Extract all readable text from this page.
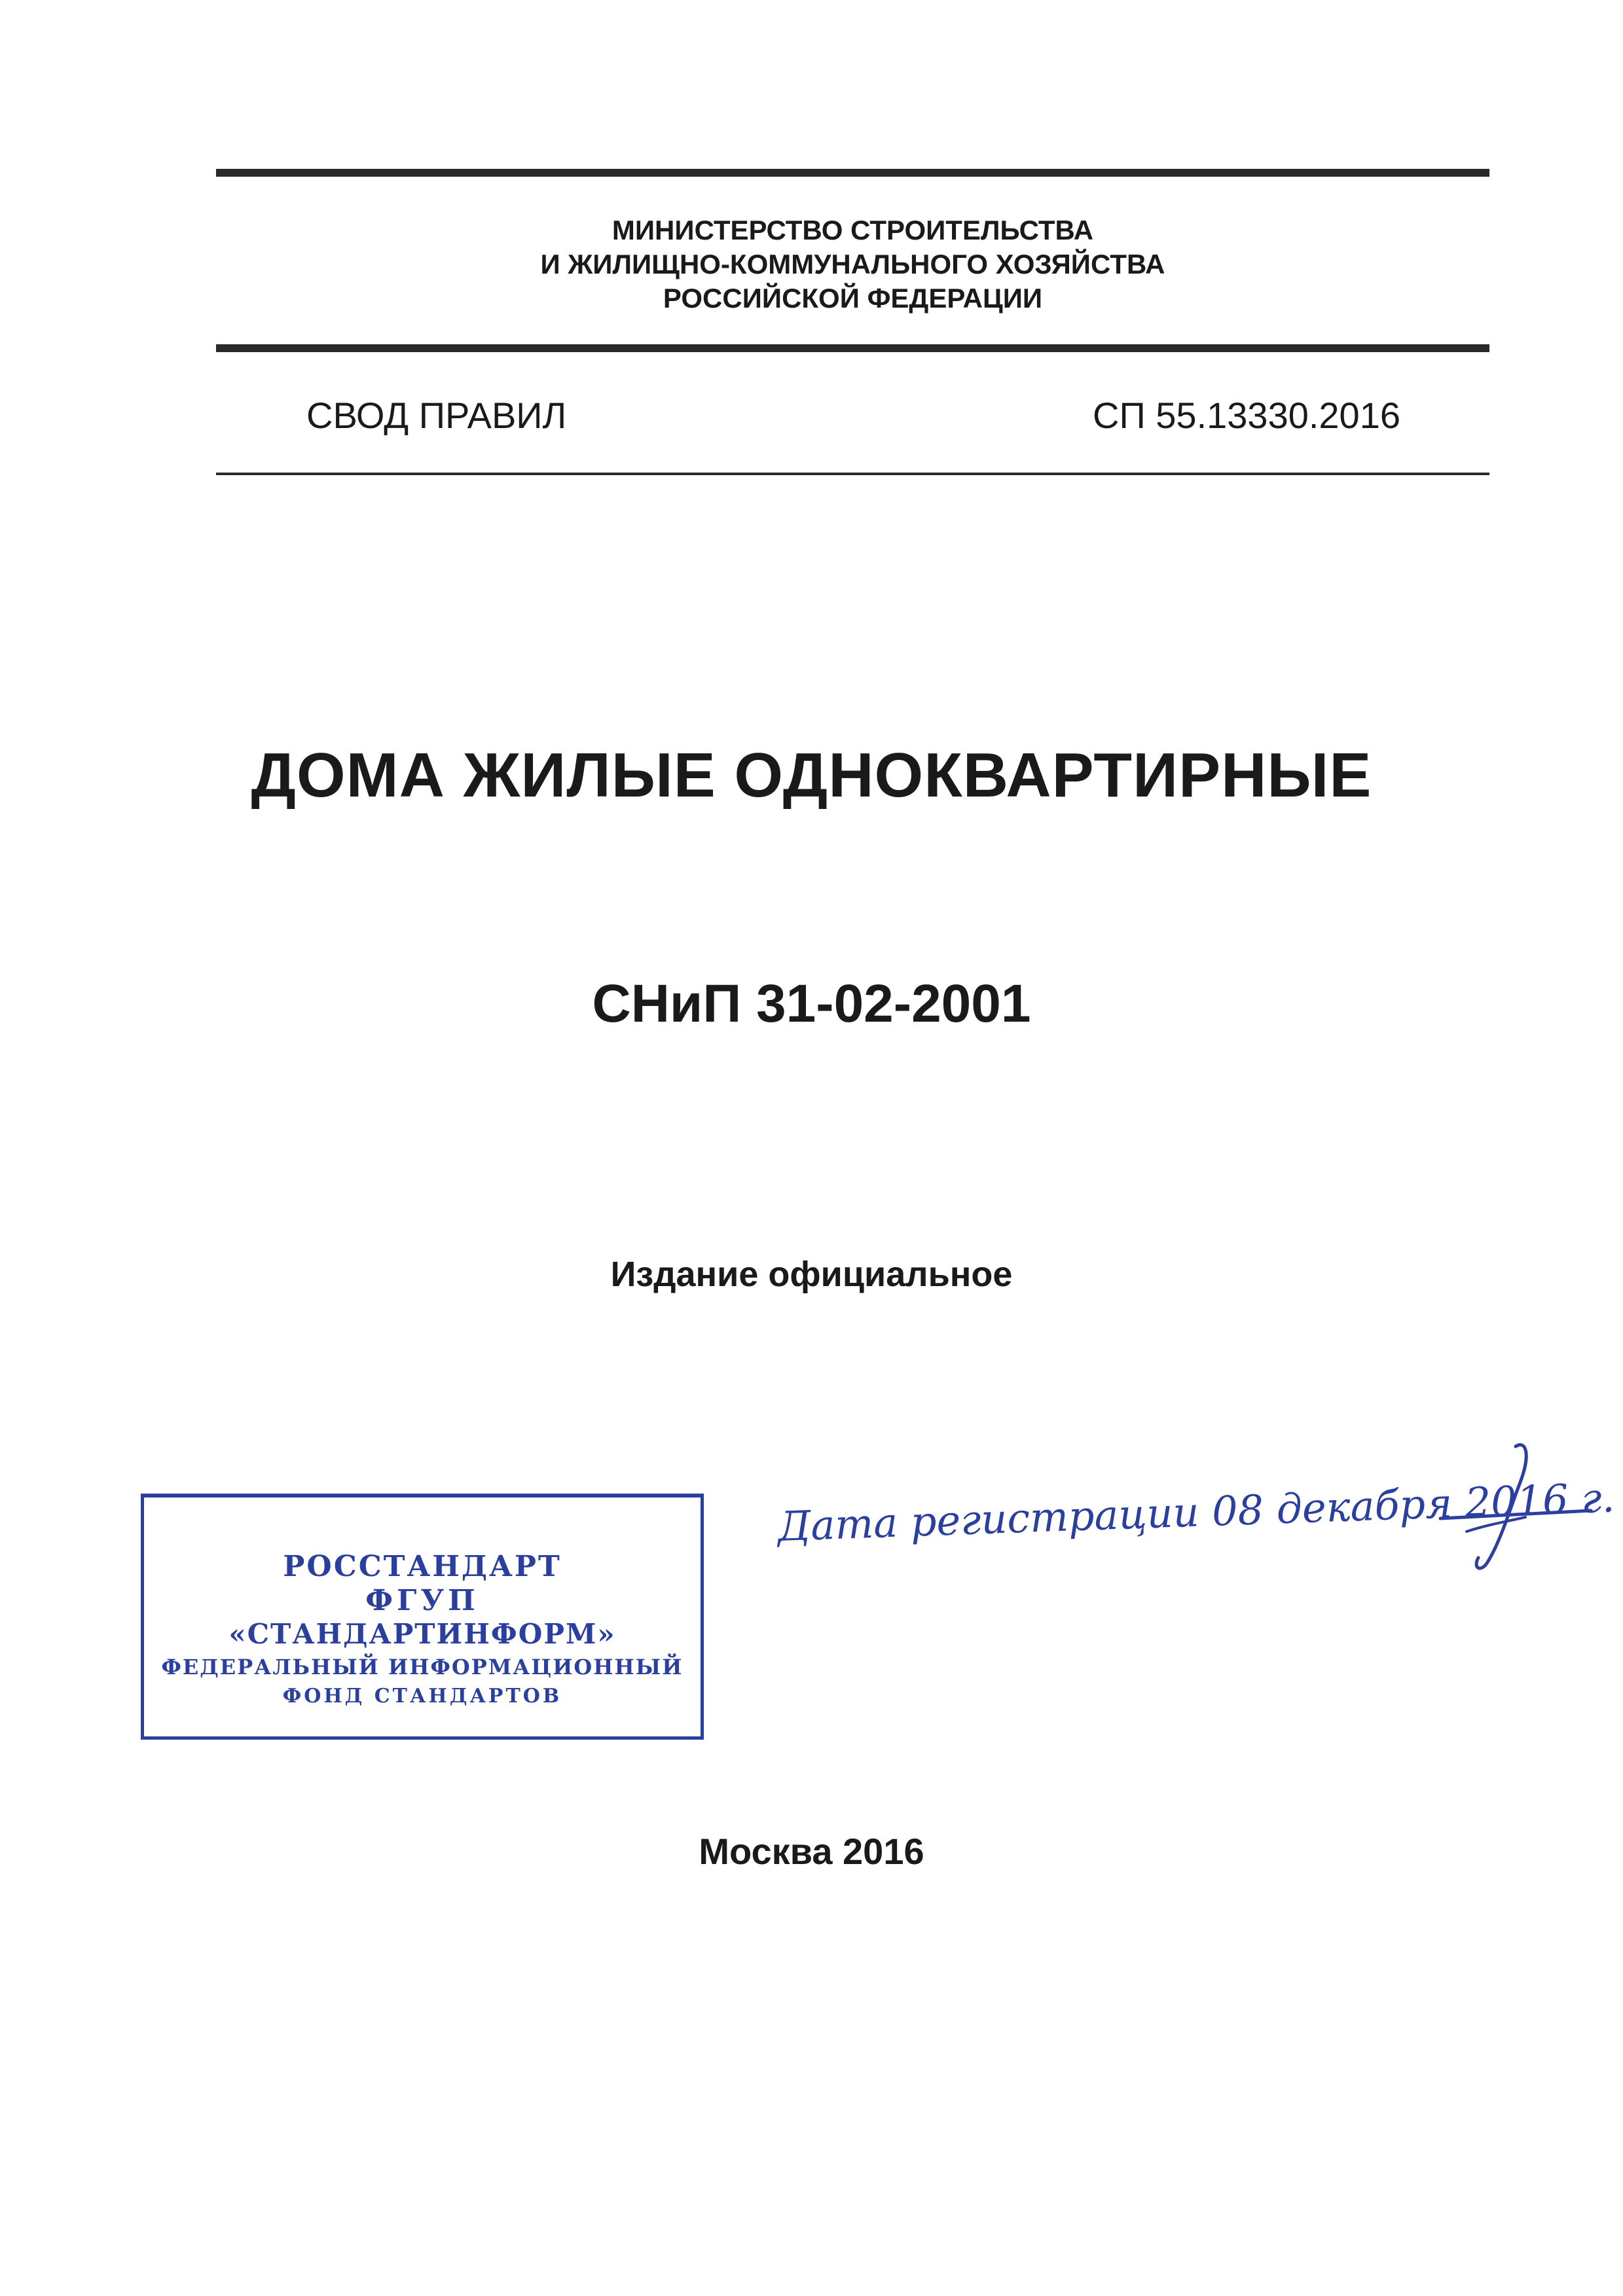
МИНИСТЕРСТВО СТРОИТЕЛЬСТВА
И ЖИЛИЩНО-КОММУНАЛЬНОГО ХОЗЯЙСТВА
РОССИЙСКОЙ ФЕДЕРАЦИИ
СВОД ПРАВИЛ	СП 55.13330.2016
ДОМА ЖИЛЫЕ ОДНОКВАРТИРНЫЕ
СНиП 31-02-2001
Издание официальное
РОССТАНДАРТ
ФГУП
«СТАНДАРТИНФОРМ»
ФЕДЕРАЛЬНЫЙ ИНФОРМАЦИОННЫЙ
ФОНД СТАНДАРТОВ
Дата регистрации 08 декабря 2016 г.
Москва 2016
